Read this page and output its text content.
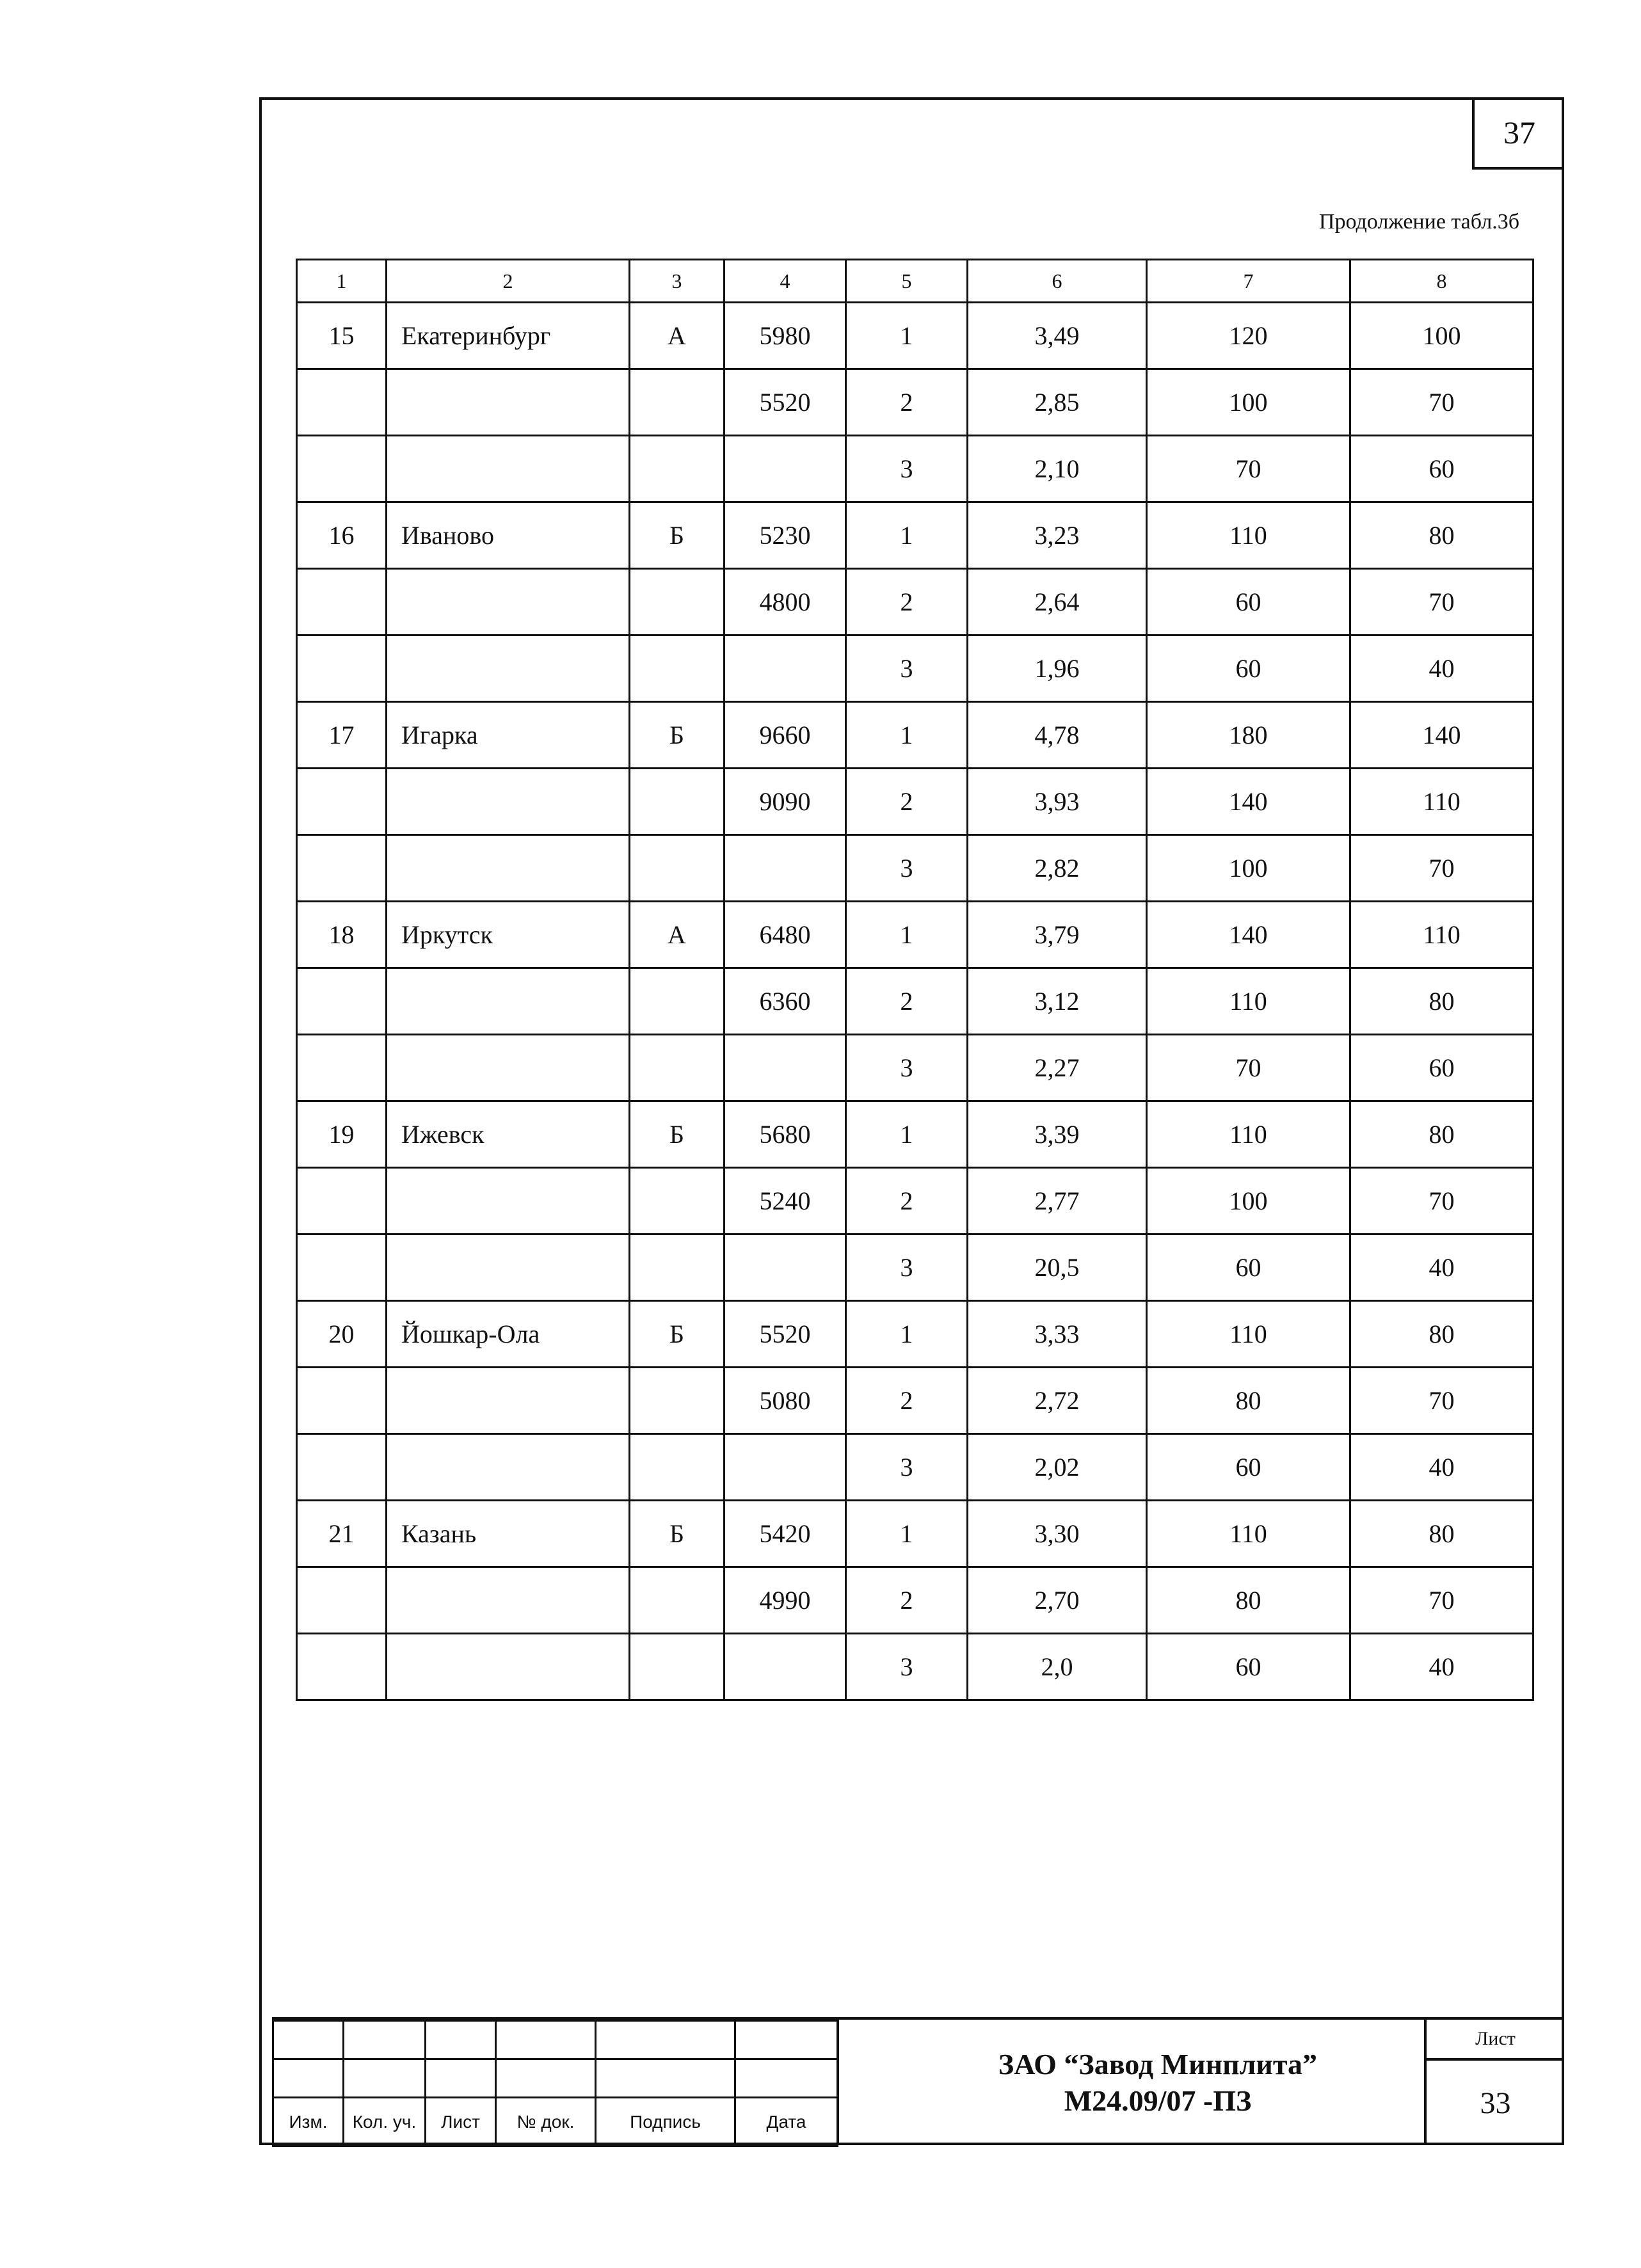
37
Продолжение табл.3б
1	2	3	4	5	6	7	8
15	Екатеринбург	А	5980	1	3,49	120	100
			5520	2	2,85	100	70
				3	2,10	70	60
16	Иваново	Б	5230	1	3,23	110	80
			4800	2	2,64	60	70
				3	1,96	60	40
17	Игарка	Б	9660	1	4,78	180	140
			9090	2	3,93	140	110
				3	2,82	100	70
18	Иркутск	А	6480	1	3,79	140	110
			6360	2	3,12	110	80
				3	2,27	70	60
19	Ижевск	Б	5680	1	3,39	110	80
			5240	2	2,77	100	70
				3	20,5	60	40
20	Йошкар-Ола	Б	5520	1	3,33	110	80
			5080	2	2,72	80	70
				3	2,02	60	40
21	Казань	Б	5420	1	3,30	110	80
			4990	2	2,70	80	70
				3	2,0	60	40

Изм.	Кол. уч.	Лист	№ док.	Подпись	Дата
ЗАО “Завод Минплита”
М24.09/07 -ПЗ
Лист
33
